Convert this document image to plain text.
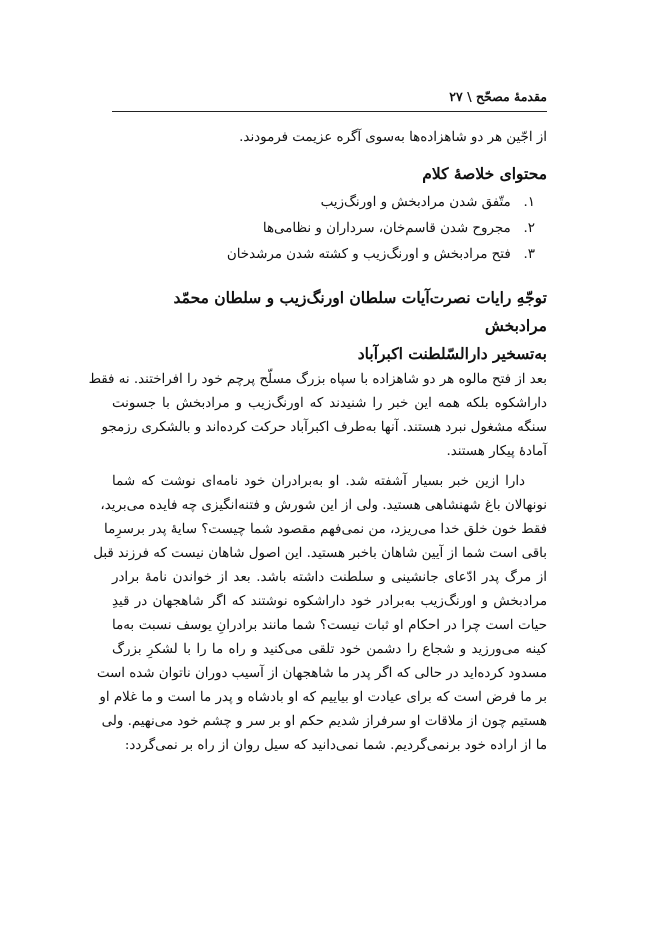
مقدمهٔ مصحّح \ ۲۷

از اجّین هر دو شاهزاده‌ها به‌سوی آگره عزیمت فرمودند.

محتوای خلاصهٔ کلام
۱. متّفق شدن مرادبخش و اورنگ‌زیب
۲. مجروح شدن قاسم‌خان، سرداران و نظامی‌ها
۳. فتح مرادبخش و اورنگ‌زیب و کشته شدن مرشدخان
توجّهِ رایات نصرت‌آیات سلطان اورنگ‌زیب و سلطان محمّد مرادبخش
به‌تسخیر دارالسّلطنت اکبرآباد

بعد از فتح مالوه هر دو شاهزاده با سپاه بزرگ مسلّح پرچم خود را افراختند. نه فقط

داراشکوه بلکه همه این خبر را شنیدند که اورنگ‌زیب و مرادبخش با جسونت

سنگه مشغول نبرد هستند. آنها به‌طرف اکبرآباد حرکت کرده‌اند و بالشکری رزمجو

آمادهٔ پیکار هستند.

دارا ازین خبر بسیار آشفته شد. او به‌برادران خود نامه‌ای نوشت که شما

نونهالان باغ شهنشاهی هستید. ولی از این شورش و فتنه‌انگیزی چه فایده می‌برید،

فقط خون خلق خدا می‌ریزد، من نمی‌فهم مقصود شما چیست؟ سایهٔ پدر برسرِما

باقی است شما از آیین شاهان باخبر هستید. این اصول شاهان نیست که فرزند قبل

از مرگ پدر ادّعای جانشینی و سلطنت داشته باشد. بعد از خواندن نامهٔ برادر

مرادبخش و اورنگ‌زیب به‌برادر خود داراشکوه نوشتند که اگر شاهجهان در قیدِ

حیات است چرا در احکام او ثبات نیست؟ شما مانند برادرانِ یوسف نسبت به‌ما

کینه می‌ورزید و شجاع را دشمن خود تلقی می‌کنید و راه ما را با لشکرِ بزرگ

مسدود کرده‌اید در حالی که اگر پدر ما شاهجهان از آسیب دوران ناتوان شده است

بر ما فرض است که برای عیادت او بیاییم که او بادشاه و پدر ما است و ما غلام او

هستیم چون از ملاقات او سرفراز شدیم حکم او بر سر و چشم خود می‌نهیم. ولی

ما از اراده خود برنمی‌گردیم. شما نمی‌دانید که سیل روان از راه بر نمی‌گردد:
